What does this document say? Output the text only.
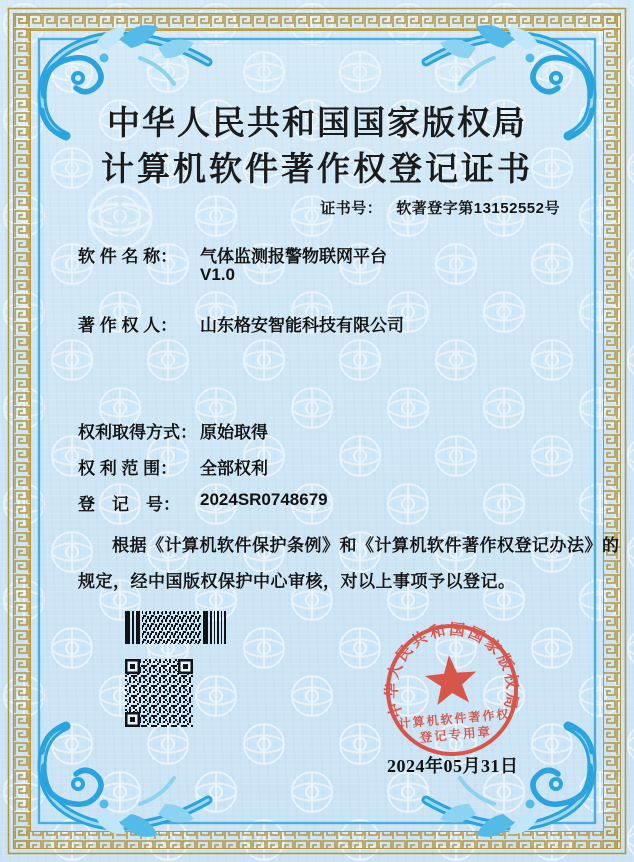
中华人民共和国国家版权局
计算机软件著作权登记证书
证书号： 软著登字第13152552号
软 件 名 称： 气体监测报警物联网平台
V1.0
著 作 权 人： 山东格安智能科技有限公司
权利取得方式： 原始取得
权 利 范 围： 全部权利
登　记　号： 2024SR0748679
根据《计算机软件保护条例》和《计算机软件著作权登记办法》的
规定，经中国版权保护中心审核，对以上事项予以登记。
中华人民共和国国家版权局
计算机软件著作权
登记专用章
2024年05月31日
